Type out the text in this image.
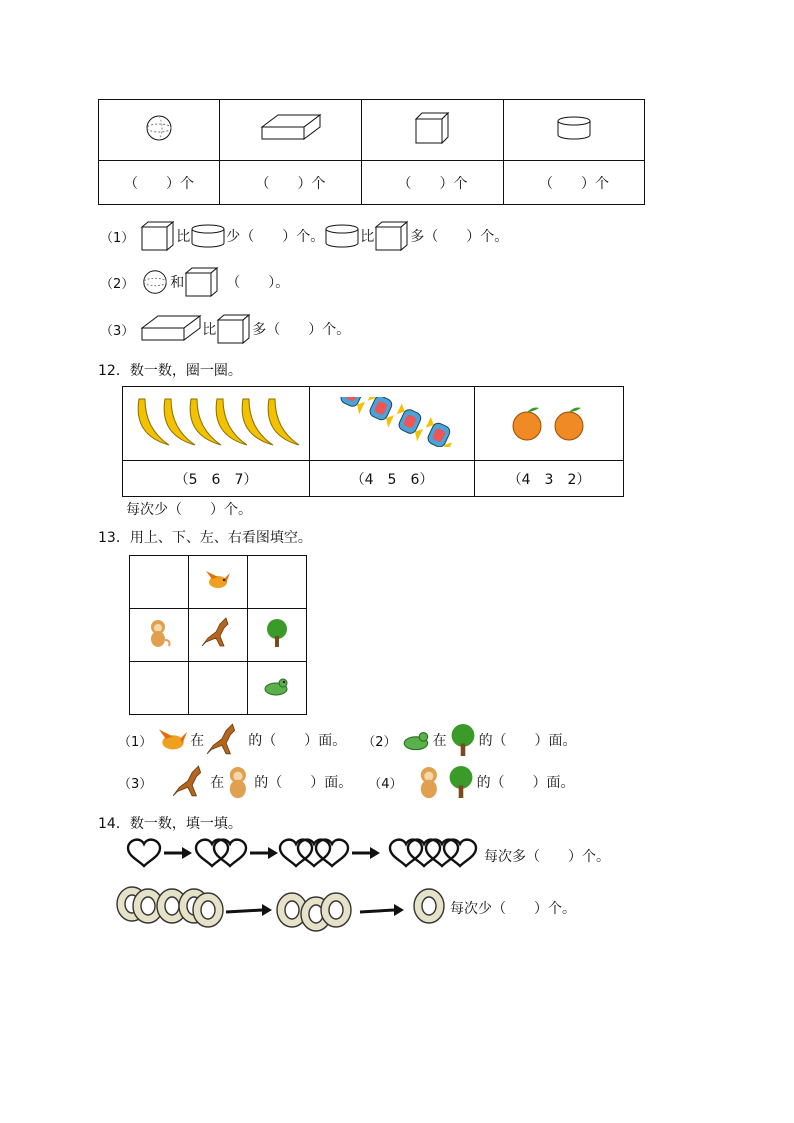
（　　）个	（　　）个	（　　）个	（　　）个
（1）	比	少（　　）个。	比	多（　　）个。
（2）	和	（　　）。
（3）	比	多（　　）个。
12．数一数，圈一圈。

（5　6　7）	（4　5　6）	（4　3　2）
每次少（　　）个。
13．用上、下、左、右看图填空。

（1）	在	的（　　）面。 （2）	在 的（　　）面。
（3）	在 的（　　）面。 （4）	的（　　）面。
14．数一数，填一填。
每次多（　　）个。
每次少（　　）个。
